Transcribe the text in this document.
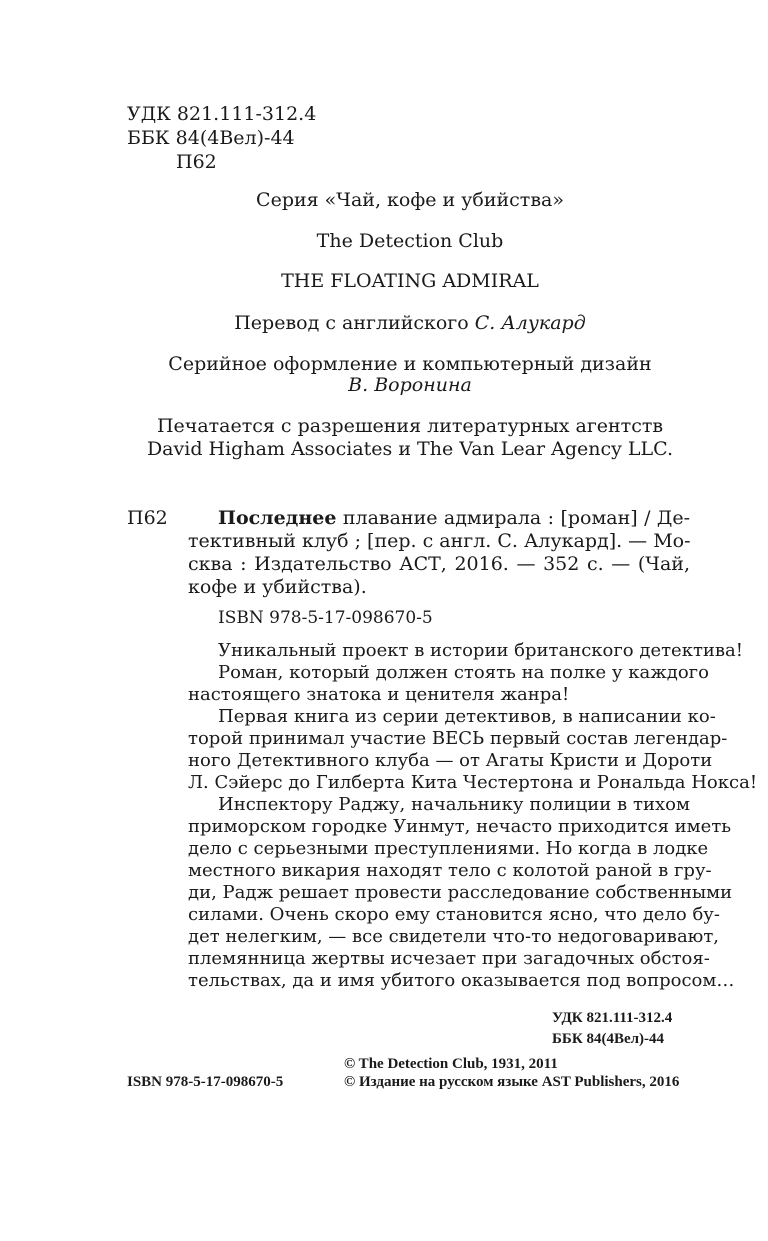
УДК 821.111-312.4
ББК 84(4Вел)-44
П62
Серия «Чай, кофе и убийства»
The Detection Club
THE FLOATING ADMIRAL
Перевод с английского С. Алукард
Серийное оформление и компьютерный дизайн
В. Воронина
Печатается с разрешения литературных агентств
David Higham Associates и The Van Lear Agency LLC.
П62	Последнее плавание адмирала : [роман] / Де-
тективный клуб ; [пер. с англ. С. Алукард]. — Мо-
сква : Издательство АСТ, 2016. — 352 с. — (Чай,
кофе и убийства).
ISBN 978-5-17-098670-5
Уникальный проект в истории британского детектива!
Роман, который должен стоять на полке у каждого
настоящего знатока и ценителя жанра!
Первая книга из серии детективов, в написании ко-
торой принимал участие ВЕСЬ первый состав легендар-
ного Детективного клуба — от Агаты Кристи и Дороти
Л. Сэйерс до Гилберта Кита Честертона и Рональда Нокса!
Инспектору Раджу, начальнику полиции в тихом
приморском городке Уинмут, нечасто приходится иметь
дело с серьезными преступлениями. Но когда в лодке
местного викария находят тело с колотой раной в гру-
ди, Радж решает провести расследование собственными
силами. Очень скоро ему становится ясно, что дело бу-
дет нелегким, — все свидетели что-то недоговаривают,
племянница жертвы исчезает при загадочных обстоя-
тельствах, да и имя убитого оказывается под вопросом…
УДК 821.111-312.4
ББК 84(4Вел)-44
ISBN 978-5-17-098670-5
© The Detection Club, 1931, 2011
© Издание на русском языке AST Publishers, 2016
